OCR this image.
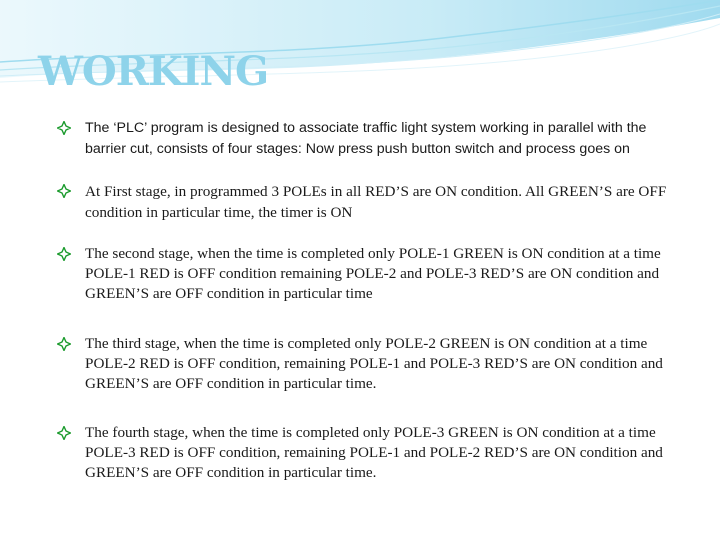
WORKING
The ‘PLC’ program is designed to associate traffic light system working in parallel with the barrier cut, consists of four stages: Now press push button switch and process goes on
At First stage, in programmed 3 POLEs in all RED’S are ON condition. All GREEN’S are OFF condition in particular time, the timer is ON
The second stage, when the time is completed only POLE-1 GREEN is ON condition at a time POLE-1 RED is OFF condition remaining POLE-2 and POLE-3 RED’S are ON condition and GREEN’S are OFF condition in particular time
The third stage, when the time is completed only POLE-2 GREEN is ON condition at a time POLE-2 RED is OFF condition, remaining POLE-1 and POLE-3 RED’S are ON condition and GREEN’S are OFF condition in particular time.
The fourth stage, when the time is completed only POLE-3 GREEN is ON condition at a time POLE-3 RED is OFF condition, remaining POLE-1 and POLE-2 RED’S are ON condition and GREEN’S are OFF condition in particular time.
